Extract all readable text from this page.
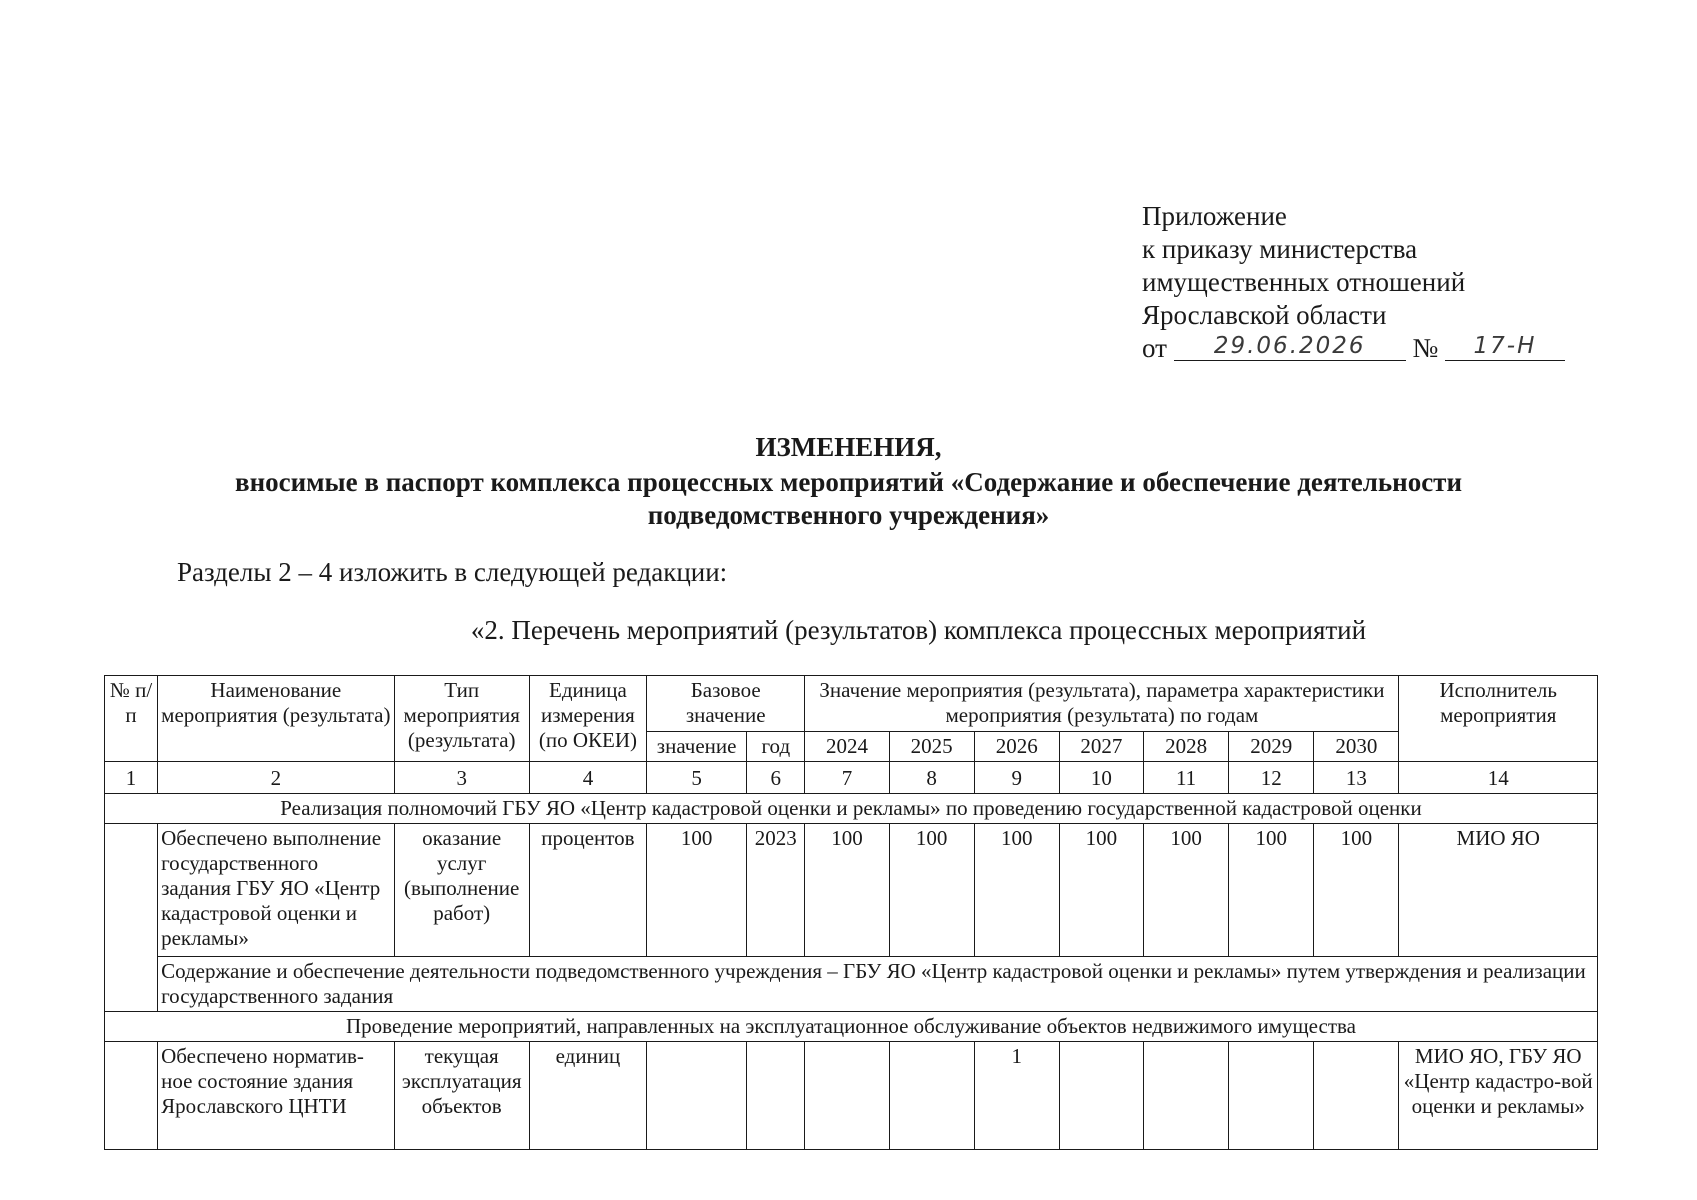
Приложение
к приказу министерства
имущественных отношений
Ярославской области
от 29.06.2026 № 17-Н
ИЗМЕНЕНИЯ,
вносимые в паспорт комплекса процессных мероприятий «Содержание и обеспечение деятельности
подведомственного учреждения»
Разделы 2 – 4 изложить в следующей редакции:
«2. Перечень мероприятий (результатов) комплекса процессных мероприятий
№ п/п	Наименование мероприятия (результата)	Тип мероприятия (результата)	Единица измерения (по ОКЕИ)	Базовое значение		Значение мероприятия (результата), параметра характеристики мероприятия (результата) по годам							Исполнитель мероприятия
				значение	год	2024	2025	2026	2027	2028	2029	2030	
1	2	3	4	5	6	7	8	9	10	11	12	13	14
Реализация полномочий ГБУ ЯО «Центр кадастровой оценки и рекламы» по проведению государственной кадастровой оценки													
	Обеспечено выполнение государственного задания ГБУ ЯО «Центр кадастровой оценки и рекламы»	оказание услуг (выполнение работ)	процентов	100	2023	100	100	100	100	100	100	100	МИО ЯО
	Содержание и обеспечение деятельности подведомственного учреждения – ГБУ ЯО «Центр кадастровой оценки и рекламы» путем утверждения и реализации государственного задания												
Проведение мероприятий, направленных на эксплуатационное обслуживание объектов недвижимого имущества													
	Обеспечено норматив-ное состояние здания Ярославского ЦНТИ	текущая эксплуатация объектов	единиц					1					МИО ЯО, ГБУ ЯО «Центр кадастро-вой оценки и рекламы»
